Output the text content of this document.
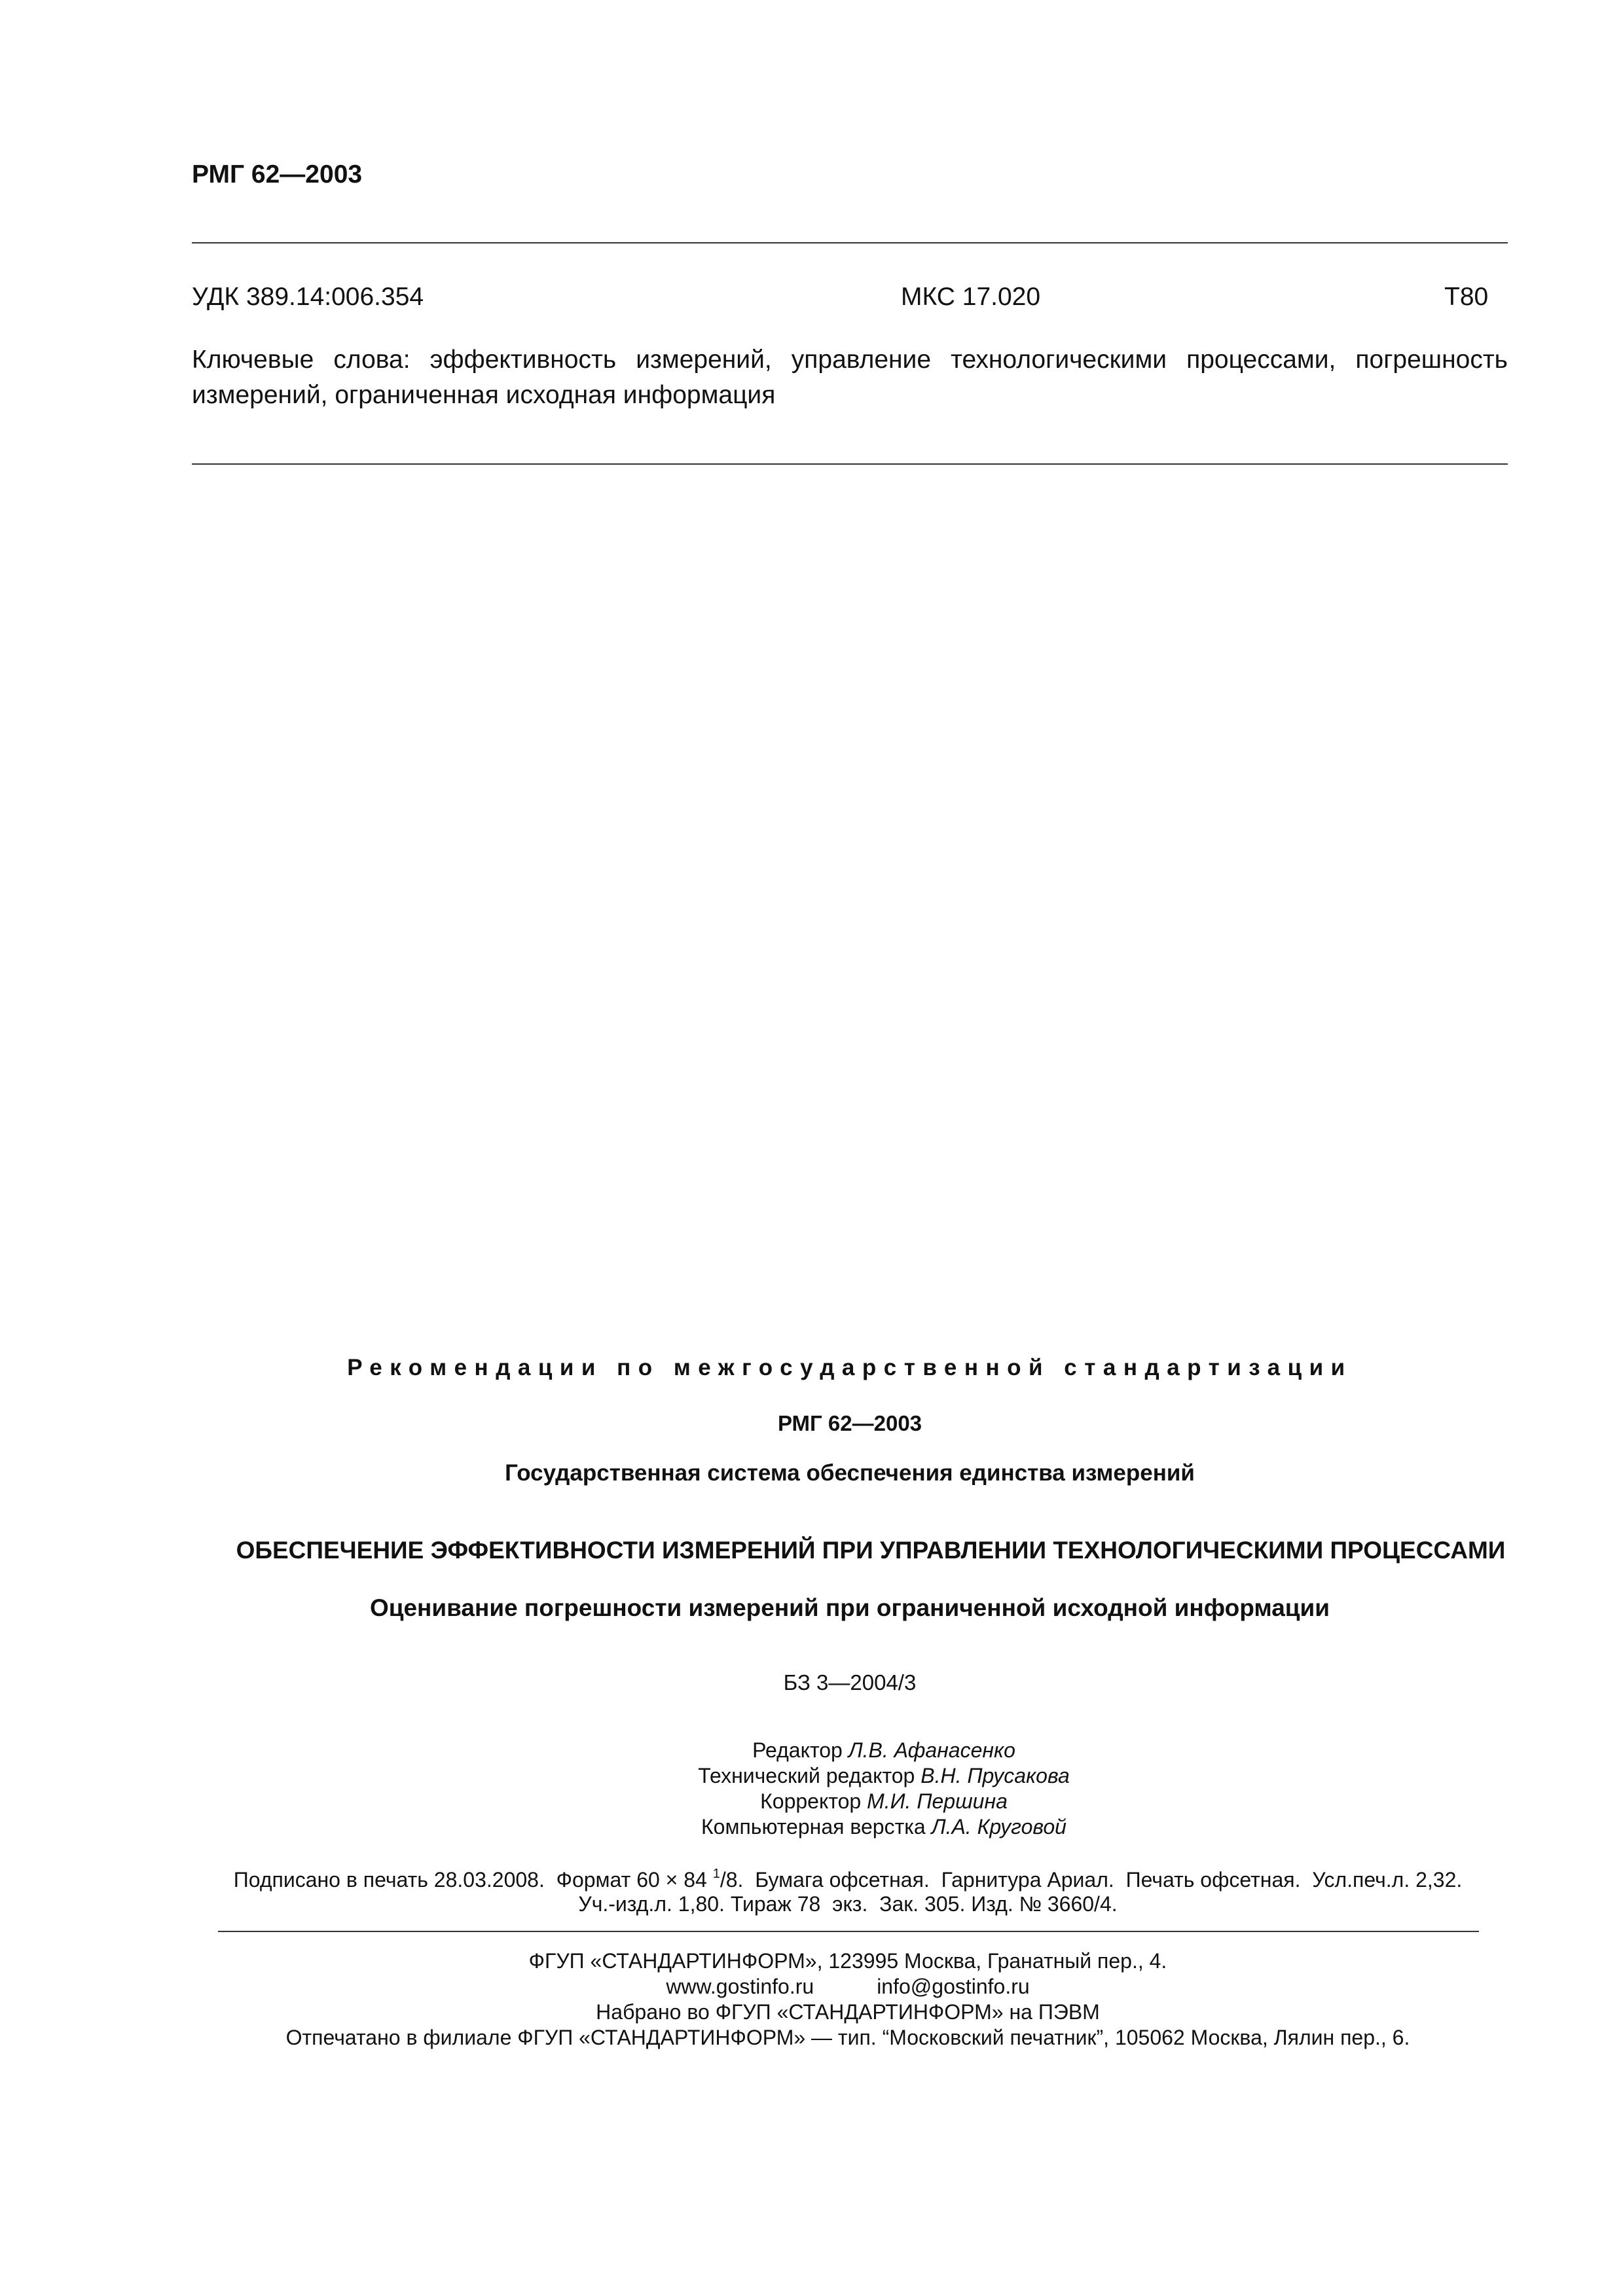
РМГ 62—2003
УДК 389.14:006.354	МКС 17.020	Т80
Ключевые слова: эффективность измерений, управление технологическими процессами, погрешность измерений, ограниченная исходная информация
Рекомендации по межгосударственной стандартизации
РМГ 62—2003
Государственная система обеспечения единства измерений
ОБЕСПЕЧЕНИЕ ЭФФЕКТИВНОСТИ ИЗМЕРЕНИЙ ПРИ УПРАВЛЕНИИ ТЕХНОЛОГИЧЕСКИМИ ПРОЦЕССАМИ
Оценивание погрешности измерений при ограниченной исходной информации
БЗ 3—2004/3
Редактор Л.В. Афанасенко
Технический редактор В.Н. Прусакова
Корректор М.И. Першина
Компьютерная верстка Л.А. Круговой
Подписано в печать 28.03.2008.  Формат 60 × 84 $^1$/8.  Бумага офсетная.  Гарнитура Ариал.  Печать офсетная.  Усл.печ.л. 2,32.
Уч.-изд.л. 1,80. Тираж 78  экз.  Зак. 305. Изд. № 3660/4.
ФГУП «СТАНДАРТИНФОРМ», 123995 Москва, Гранатный пер., 4.
www.gostinfo.ru	info@gostinfo.ru
Набрано во ФГУП «СТАНДАРТИНФОРМ» на ПЭВМ
Отпечатано в филиале ФГУП «СТАНДАРТИНФОРМ» — тип. “Московский печатник”, 105062 Москва, Лялин пер., 6.
